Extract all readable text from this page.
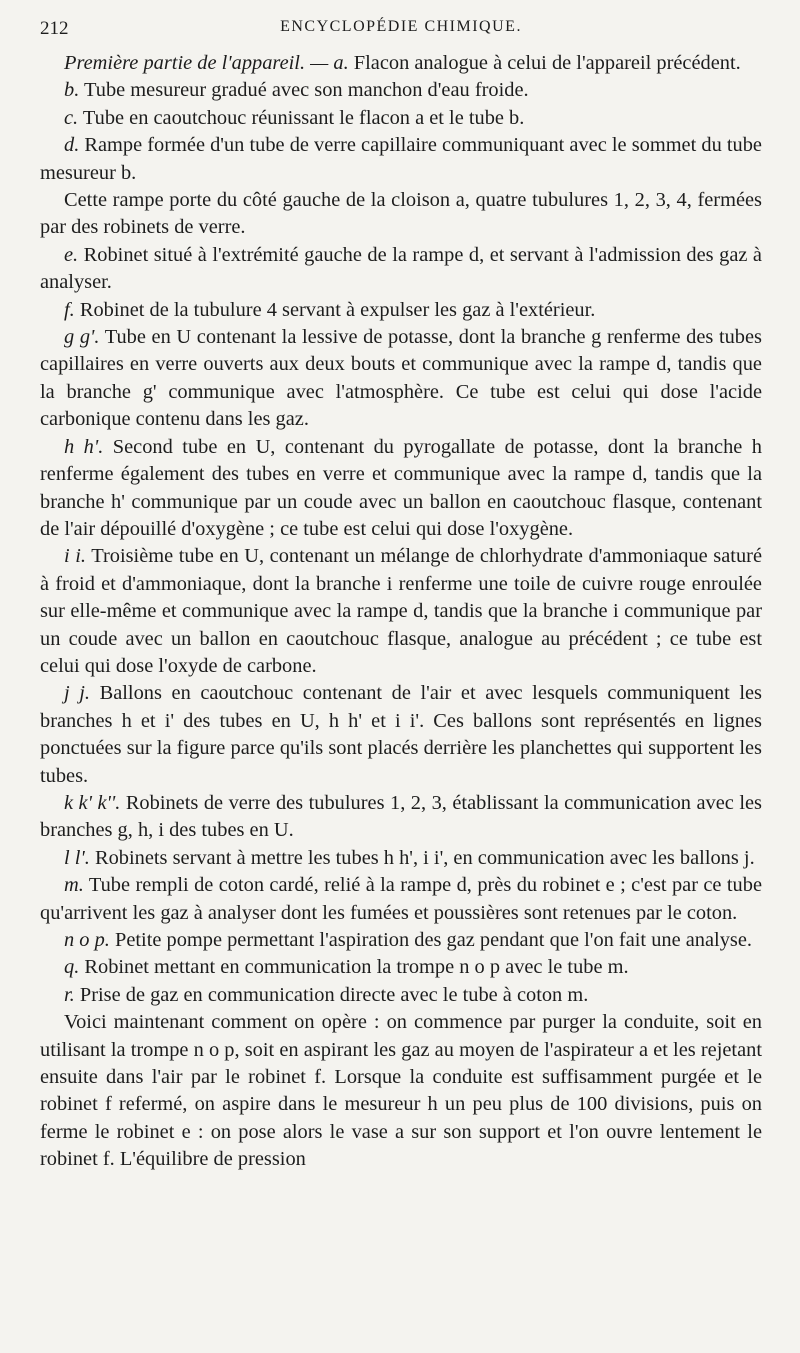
212	ENCYCLOPÉDIE CHIMIQUE.

Première partie de l'appareil. — a. Flacon analogue à celui de l'appareil précédent.

b. Tube mesureur gradué avec son manchon d'eau froide.

c. Tube en caoutchouc réunissant le flacon a et le tube b.

d. Rampe formée d'un tube de verre capillaire communiquant avec le sommet du tube mesureur b.

Cette rampe porte du côté gauche de la cloison a, quatre tubulures 1, 2, 3, 4, fermées par des robinets de verre.

e. Robinet situé à l'extrémité gauche de la rampe d, et servant à l'admission des gaz à analyser.

f. Robinet de la tubulure 4 servant à expulser les gaz à l'extérieur.

g g'. Tube en U contenant la lessive de potasse, dont la branche g renferme des tubes capillaires en verre ouverts aux deux bouts et communique avec la rampe d, tandis que la branche g' communique avec l'atmosphère. Ce tube est celui qui dose l'acide carbonique contenu dans les gaz.

h h'. Second tube en U, contenant du pyrogallate de potasse, dont la branche h renferme également des tubes en verre et communique avec la rampe d, tandis que la branche h' communique par un coude avec un ballon en caoutchouc flasque, contenant de l'air dépouillé d'oxygène ; ce tube est celui qui dose l'oxygène.

i i. Troisième tube en U, contenant un mélange de chlorhydrate d'ammoniaque saturé à froid et d'ammoniaque, dont la branche i renferme une toile de cuivre rouge enroulée sur elle-même et communique avec la rampe d, tandis que la branche i communique par un coude avec un ballon en caoutchouc flasque, analogue au précédent ; ce tube est celui qui dose l'oxyde de carbone.

j j. Ballons en caoutchouc contenant de l'air et avec lesquels communiquent les branches h et i' des tubes en U, h h' et i i'. Ces ballons sont représentés en lignes ponctuées sur la figure parce qu'ils sont placés derrière les planchettes qui supportent les tubes.

k k' k''. Robinets de verre des tubulures 1, 2, 3, établissant la communication avec les branches g, h, i des tubes en U.

l l'. Robinets servant à mettre les tubes h h', i i', en communication avec les ballons j.

m. Tube rempli de coton cardé, relié à la rampe d, près du robinet e ; c'est par ce tube qu'arrivent les gaz à analyser dont les fumées et poussières sont retenues par le coton.

n o p. Petite pompe permettant l'aspiration des gaz pendant que l'on fait une analyse.

q. Robinet mettant en communication la trompe n o p avec le tube m.

r. Prise de gaz en communication directe avec le tube à coton m.

Voici maintenant comment on opère : on commence par purger la conduite, soit en utilisant la trompe n o p, soit en aspirant les gaz au moyen de l'aspirateur a et les rejetant ensuite dans l'air par le robinet f. Lorsque la conduite est suffisamment purgée et le robinet f refermé, on aspire dans le mesureur h un peu plus de 100 divisions, puis on ferme le robinet e : on pose alors le vase a sur son support et l'on ouvre lentement le robinet f. L'équilibre de pression
